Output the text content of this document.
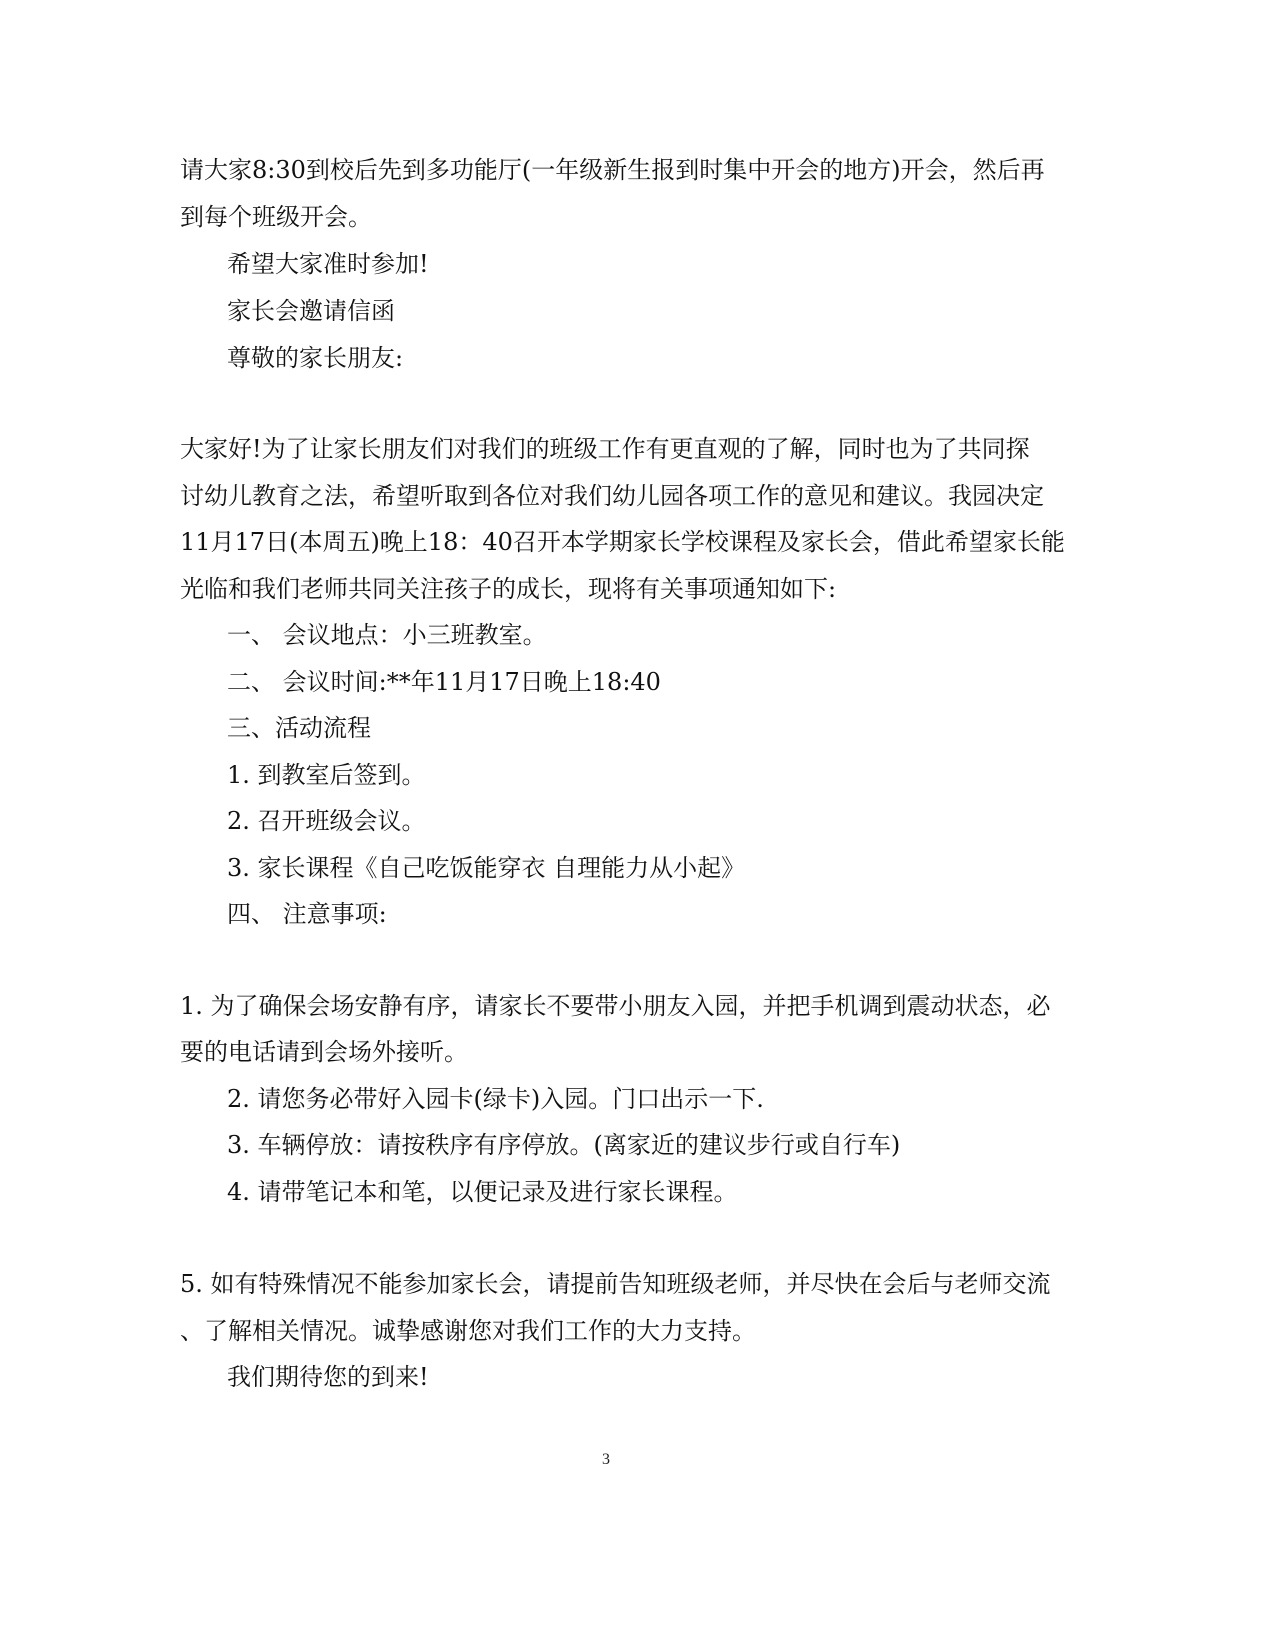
请大家8:30到校后先到多功能厅(一年级新生报到时集中开会的地方)开会，然后再
到每个班级开会。
希望大家准时参加!
家长会邀请信函
尊敬的家长朋友:
大家好!为了让家长朋友们对我们的班级工作有更直观的了解，同时也为了共同探
讨幼儿教育之法，希望听取到各位对我们幼儿园各项工作的意见和建议。我园决定
11月17日(本周五)晚上18：40召开本学期家长学校课程及家长会，借此希望家长能
光临和我们老师共同关注孩子的成长，现将有关事项通知如下:
一、 会议地点：小三班教室。
二、 会议时间:**年11月17日晚上18:40
三、活动流程
1. 到教室后签到。
2. 召开班级会议。
3. 家长课程《自己吃饭能穿衣 自理能力从小起》
四、 注意事项:
1. 为了确保会场安静有序，请家长不要带小朋友入园，并把手机调到震动状态，必
要的电话请到会场外接听。
2. 请您务必带好入园卡(绿卡)入园。门口出示一下.
3. 车辆停放：请按秩序有序停放。(离家近的建议步行或自行车)
4. 请带笔记本和笔，以便记录及进行家长课程。
5. 如有特殊情况不能参加家长会，请提前告知班级老师，并尽快在会后与老师交流
、了解相关情况。诚挚感谢您对我们工作的大力支持。
我们期待您的到来!
3
